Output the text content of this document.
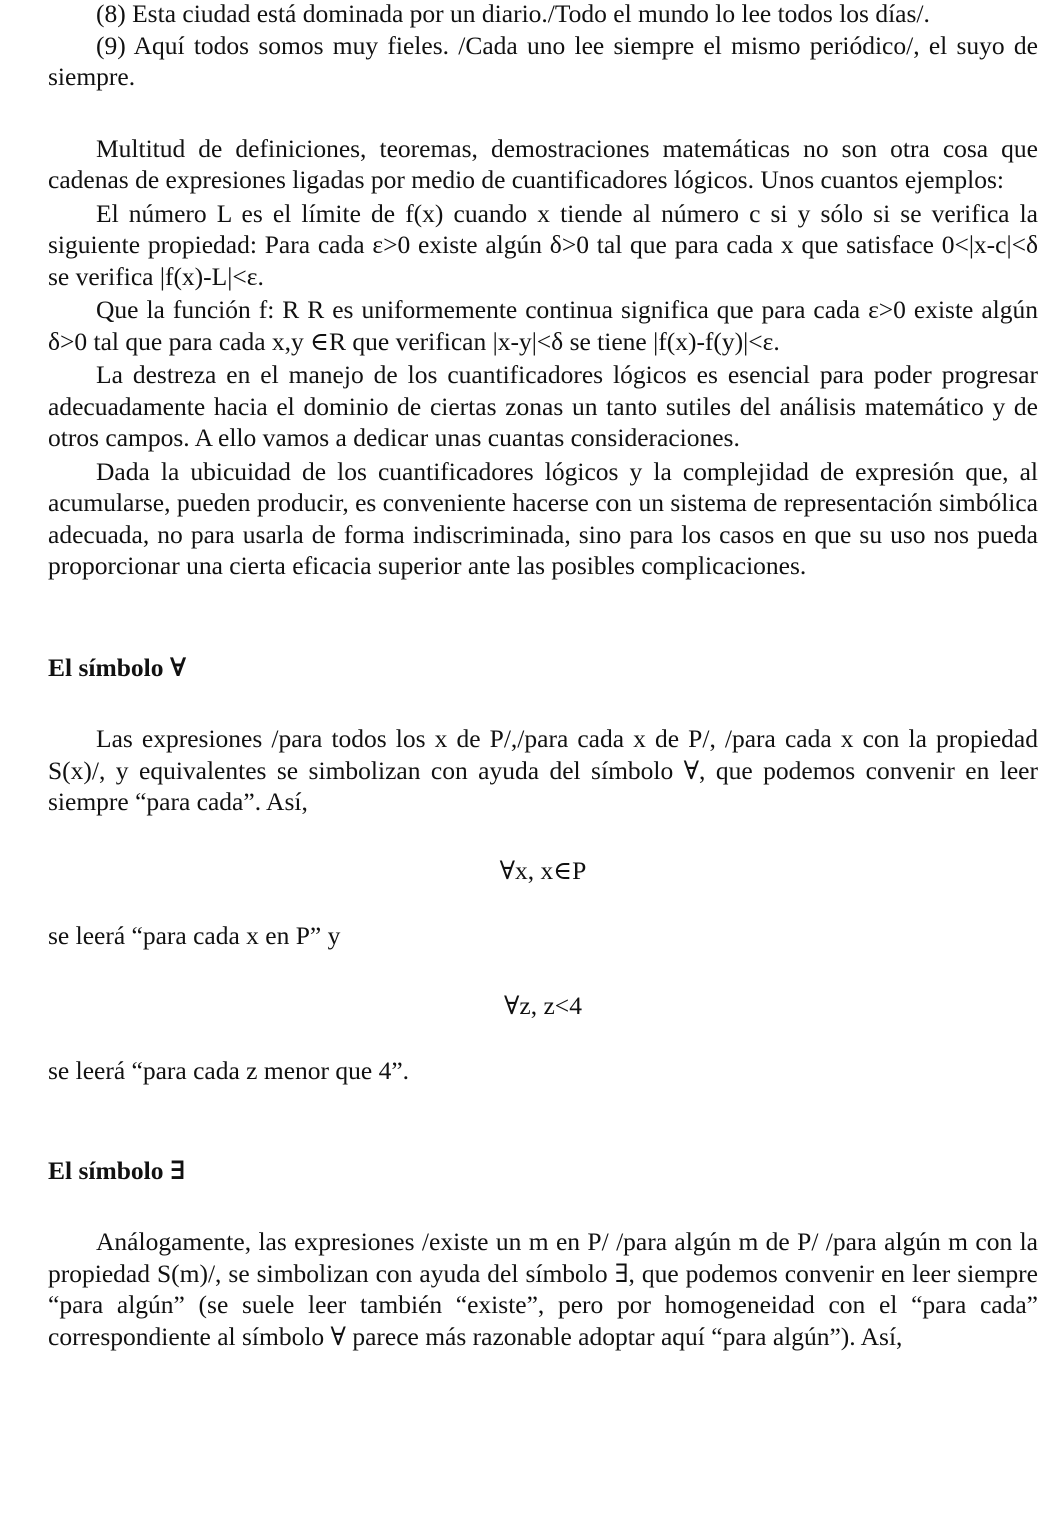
(8) Esta ciudad está dominada por un diario./Todo el mundo lo lee todos los días/.

(9) Aquí todos somos muy fieles. /Cada uno lee siempre el mismo periódico/, el suyo de siempre.

Multitud de definiciones, teoremas, demostraciones matemáticas no son otra cosa que cadenas de expresiones ligadas por medio de cuantificadores lógicos. Unos cuantos ejemplos:

El número L es el límite de f(x) cuando x tiende al número c si y sólo si se verifica la siguiente propiedad: Para cada ε>0 existe algún δ>0 tal que para cada x que satisface 0<|x-c|<δ se verifica |f(x)-L|<ε.

Que la función f: R R es uniformemente continua significa que para cada ε>0 existe algún δ>0 tal que para cada x,y ∈R que verifican |x-y|<δ se tiene |f(x)-f(y)|<ε.

La destreza en el manejo de los cuantificadores lógicos es esencial para poder progresar adecuadamente hacia el dominio de ciertas zonas un tanto sutiles del análisis matemático y de otros campos. A ello vamos a dedicar unas cuantas consideraciones.

Dada la ubicuidad de los cuantificadores lógicos y la complejidad de expresión que, al acumularse, pueden producir, es conveniente hacerse con un sistema de representación simbólica adecuada, no para usarla de forma indiscriminada, sino para los casos en que su uso nos pueda proporcionar una cierta eficacia superior ante las posibles complicaciones.

El símbolo ∀

Las expresiones /para todos los x de P/,/para cada x de P/, /para cada x con la propiedad S(x)/, y equivalentes se simbolizan con ayuda del símbolo ∀, que podemos convenir en leer siempre “para cada”. Así,

∀x, x∈P

se leerá “para cada x en P” y

∀z, z<4

se leerá “para cada z menor que 4”.

El símbolo ∃

Análogamente, las expresiones /existe un m en P/ /para algún m de P/ /para algún m con la propiedad S(m)/, se simbolizan con ayuda del símbolo ∃, que podemos convenir en leer siempre “para algún” (se suele leer también “existe”, pero por homogeneidad con el “para cada” correspondiente al símbolo ∀ parece más razonable adoptar aquí “para algún”). Así,
